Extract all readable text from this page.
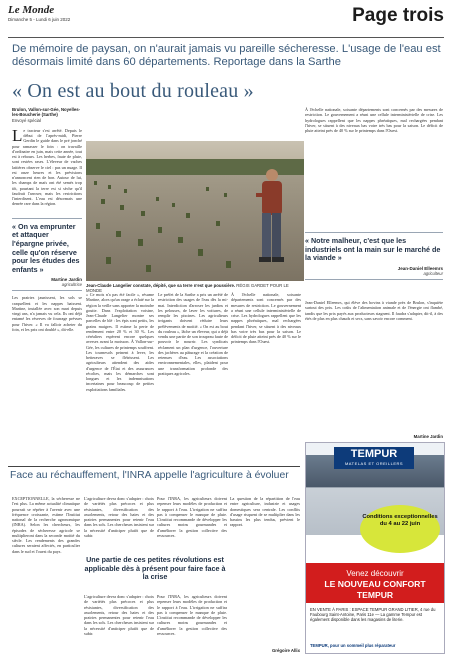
Le Monde
Dimanche 5 - Lundi 6 juin 2022	Page trois
De mémoire de paysan, on n'aurait jamais vu pareille sécheresse. L'usage de l'eau est désormais limité dans 60 départements. Reportage dans la Sarthe
« On est au bout du rouleau »
Brulon, Vallon-sur-Gée, Noyelles-les-Boucherie (Sarthe)
Envoyé spécial
Le tracteur s'est arrêté. Depuis le début de l'après-midi, Pierre Gerdin le guide dans le pré jonché pour ramasser le foin : on travaille d'ordinaire en juin, mais cette année, tout est à rebours. Les herbes, faute de pluie, sont restées rases. L'éleveur de vaches laitières observe le ciel : pas un nuage. Il est onze heures et les prévisions n'annoncent rien de bon. Autour de lui, les champs de maïs ont été semés trop tôt, pourtant la terre est si sèche qu'il faudrait l'arroser, mais les restrictions l'interdisent. L'eau est désormais une denrée rare dans la région.
« On va emprunter et attaquer l'épargne privée, celle qu'on réserve pour les études des enfants »
Martine Jardin
agricultrice
Les prairies jaunissent, les sols se craquellent et les nappes baissent. Martine, installée avec son mari depuis vingt ans, n'a jamais vu cela. Ils ont déjà entamé les réserves de fourrage prévues pour l'hiver. « Il va falloir acheter du foin, et les prix ont doublé », dit-elle.
Jean-Claude Langelier constate, dépité, que sa terre n'est que poussière. RÉGIS GARDET POUR LE MONDE
« Ce mois n'a pas été facile », résume Martine, alors qu'un orage a éclaté sur la région la veille sans apporter la moindre goutte. Dans l'exploitation voisine, Jean-Claude Langelier montre ses parcelles de blé : les épis sont petits, les grains maigres. Il estime la perte de rendement entre 20 % et 30 %. Les céréaliers espèrent encore quelques averses avant la moisson. À Vallon-sur-Gée, les cultures de printemps souffrent. Les tournesols peinent à lever, les betteraves se flétrissent. Les agriculteurs attendent des aides d'urgence de l'État et des assurances récoltes, mais les démarches sont longues et les indemnisations incertaines pour beaucoup de petites exploitations familiales.
Le préfet de la Sarthe a pris un arrêté de restriction des usages de l'eau dès la mi-mai. Interdiction d'arroser les jardins et les pelouses, de laver les voitures, de remplir les piscines. Les agriculteurs irrigants doivent réduire leurs prélèvements de moitié. « On est au bout du rouleau », lâche un éleveur, qui a déjà vendu une partie de son troupeau faute de pouvoir le nourrir. Les syndicats réclament un plan d'urgence, l'ouverture des jachères au pâturage et la création de retenues d'eau. Les associations environnementales, elles, plaident pour une transformation profonde des pratiques agricoles.
À l'échelle nationale, soixante départements sont concernés par des mesures de restriction. Le gouvernement a réuni une cellule interministérielle de crise. Les hydrologues rappellent que les nappes phréatiques, mal rechargées pendant l'hiver, se situent à des niveaux bas voire très bas pour la saison. Le déficit de pluie atteint près de 40 % sur le printemps dans l'Ouest.
À l'échelle nationale, soixante départements sont concernés par des mesures de restriction. Le gouvernement a réuni une cellule interministérielle de crise. Les hydrologues rappellent que les nappes phréatiques, mal rechargées pendant l'hiver, se situent à des niveaux bas voire très bas pour la saison. Le déficit de pluie atteint près de 40 % sur le printemps dans l'Ouest.
« Notre malheur, c'est que les industriels ont la main sur le marché de la viande »
Jean-Daniel Elleemrs
agriculteur
Jean-Daniel Elleemrs, qui élève des bovins à viande près de Brulon, s'inquiète surtout des prix. Les coûts de l'alimentation animale et de l'énergie ont flambé, tandis que les prix payés aux producteurs stagnent. Il faudra s'adapter, dit-il, à des étés de plus en plus chauds et secs, sans savoir encore comment.
Martine Jardin
Face au réchauffement, l'INRA appelle l'agriculture à évoluer
EXCEPTIONNELLE, la sécheresse ne l'est plus. La même actualité climatique pourrait se répéter à l'avenir avec une fréquence croissante, estime l'Institut national de la recherche agronomique (INRA). Selon les chercheurs, les épisodes de sécheresse agricole se multiplieront dans la seconde moitié du siècle. Les rendements des grandes cultures seraient affectés, en particulier dans le sud et l'ouest du pays.
L'agriculture devra donc s'adapter : choix de variétés plus précoces et plus résistantes, diversification des assolements, retour des haies et des prairies permanentes pour retenir l'eau dans les sols. Les chercheurs insistent sur la nécessité d'anticiper plutôt que de subir.
Une partie de ces petites révolutions est applicable dès à présent pour faire face à la crise
L'agriculture devra donc s'adapter : choix de variétés plus précoces et plus résistantes, diversification des assolements, retour des haies et des prairies permanentes pour retenir l'eau dans les sols. Les chercheurs insistent sur la nécessité d'anticiper plutôt que de subir.
Pour l'INRA, les agriculteurs doivent repenser leurs modèles de production et le rapport à l'eau. L'irrigation ne suffira pas à compenser le manque de pluie. L'institut recommande de développer les cultures moins gourmandes et d'améliorer la gestion collective des ressources.
Pour l'INRA, les agriculteurs doivent repenser leurs modèles de production et le rapport à l'eau. L'irrigation ne suffira pas à compenser le manque de pluie. L'institut recommande de développer les cultures moins gourmandes et d'améliorer la gestion collective des ressources.
La question de la répartition de l'eau entre agriculture, industrie et usages domestiques sera centrale. Les conflits d'usage risquent de se multiplier dans les bassins les plus tendus, prévient le rapport.
Grégoire Allix
TEMPUR
MATELAS ET OREILLERS
Conditions exceptionnelles du 4 au 22 juin
Venez découvrir
LE NOUVEAU CONFORT TEMPUR
EN VENTE À PARIS : ESPACE TEMPUR GRAND LITIER, 4 rue du Faubourg Saint-Antoine, Paris 11e — La gamme Tempur est également disponible dans les magasins de literie.
TEMPUR, pour un sommeil plus réparateur
